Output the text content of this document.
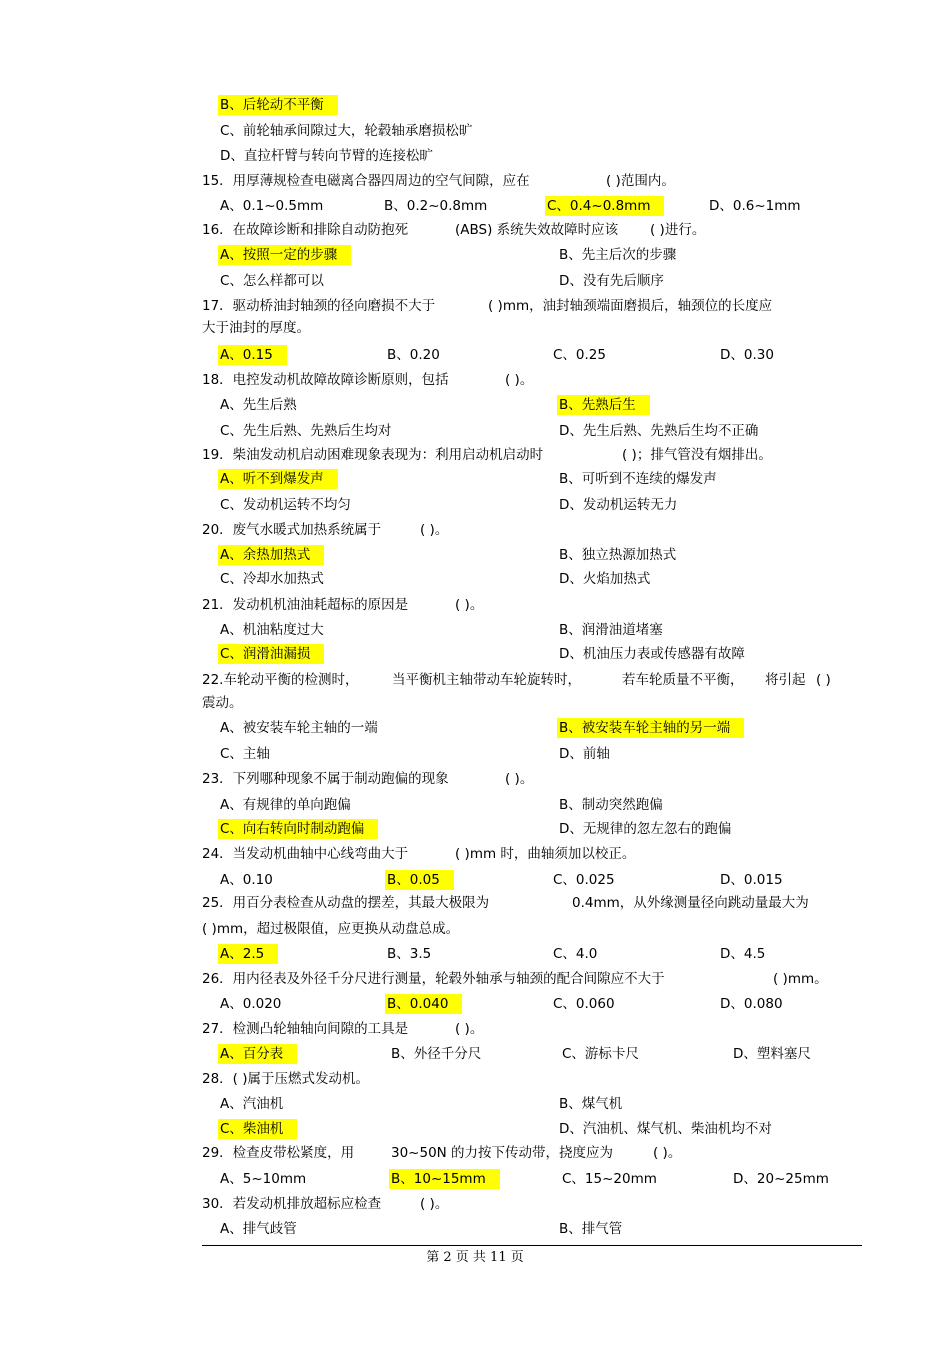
B、后轮动不平衡
C、前轮轴承间隙过大，轮毂轴承磨损松旷
D、直拉杆臂与转向节臂的连接松旷
15．用厚薄规检查电磁离合器四周边的空气间隙，应在	( )范围内。
A、0.1~0.5mm	B、0.2~0.8mm	C、0.4~0.8mm	D、0.6~1mm
16．在故障诊断和排除自动防抱死	(ABS) 系统失效故障时应该 ( )进行。
A、按照一定的步骤	B、先主后次的步骤
C、怎么样都可以	D、没有先后顺序
17．驱动桥油封轴颈的径向磨损不大于	( )mm，油封轴颈端面磨损后，轴颈位的长度应
大于油封的厚度。
A、0.15	B、0.20	C、0.25	D、0.30
18．电控发动机故障故障诊断原则，包括	( )。
A、先生后熟	B、先熟后生
C、先生后熟、先熟后生均对	D、先生后熟、先熟后生均不正确
19．柴油发动机启动困难现象表现为：利用启动机启动时	( )；排气管没有烟排出。
A、听不到爆发声	B、可听到不连续的爆发声
C、发动机运转不均匀	D、发动机运转无力
20．废气水暖式加热系统属于	( )。
A、余热加热式	B、独立热源加热式
C、冷却水加热式	D、火焰加热式
21．发动机机油油耗超标的原因是	( )。
A、机油粘度过大	B、润滑油道堵塞
C、润滑油漏损	D、机油压力表或传感器有故障
22.车轮动平衡的检测时， 当平衡机主轴带动车轮旋转时，	若车轮质量不平衡， 将引起 ( )
震动。
A、被安装车轮主轴的一端	B、被安装车轮主轴的另一端
C、主轴	D、前轴
23．下列哪种现象不属于制动跑偏的现象	( )。
A、有规律的单向跑偏	B、制动突然跑偏
C、向右转向时制动跑偏	D、无规律的忽左忽右的跑偏
24．当发动机曲轴中心线弯曲大于	( )mm 时，曲轴须加以校正。
A、0.10	B、0.05	C、0.025	D、0.015
25．用百分表检查从动盘的摆差，其最大极限为	0.4mm，从外缘测量径向跳动量最大为
( )mm，超过极限值，应更换从动盘总成。
A、2.5	B、3.5	C、4.0	D、4.5
26．用内径表及外径千分尺进行测量，轮毂外轴承与轴颈的配合间隙应不大于	( )mm。
A、0.020	B、0.040	C、0.060	D、0.080
27．检测凸轮轴轴向间隙的工具是	( )。
A、百分表	B、外径千分尺	C、游标卡尺	D、塑料塞尺
28．( )属于压燃式发动机。
A、汽油机	B、煤气机
C、柴油机	D、汽油机、煤气机、柴油机均不对
29．检查皮带松紧度，用	30~50N 的力按下传动带，挠度应为	( )。
A、5~10mm	B、10~15mm	C、15~20mm	D、20~25mm
30．若发动机排放超标应检查	( )。
A、排气歧管	B、排气管
第 2 页 共 11 页
